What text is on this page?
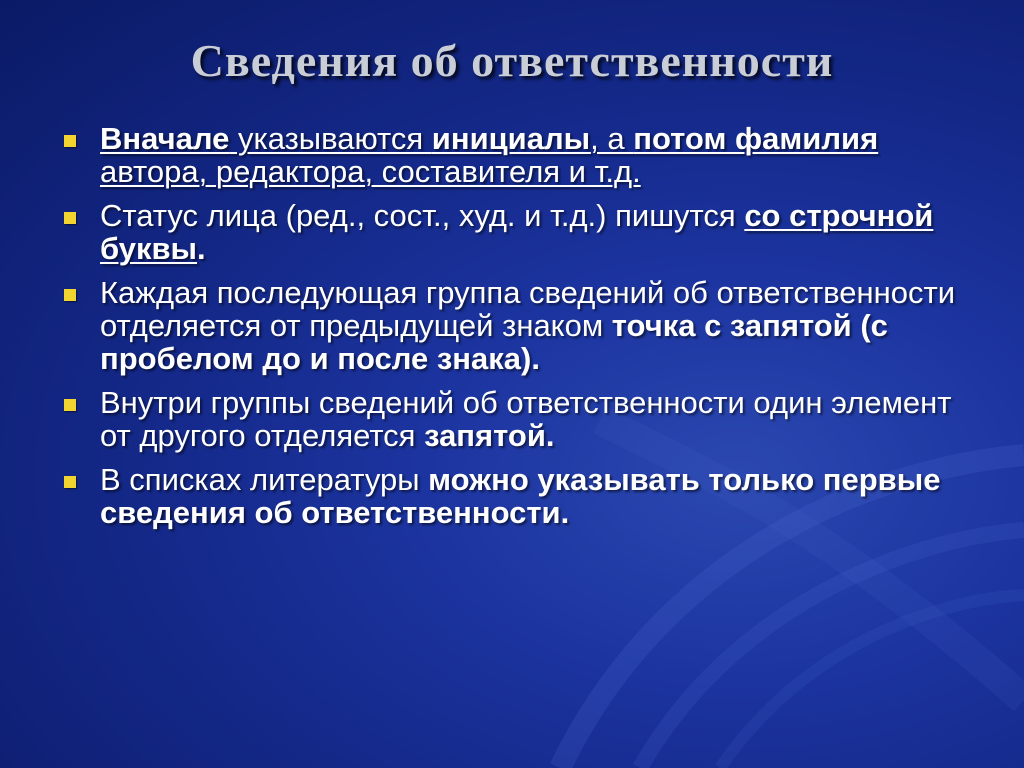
Сведения об ответственности
Вначале указываются инициалы, а потом фамилия автора, редактора, составителя и т.д.
Статус лица (ред., сост., худ. и т.д.) пишутся со строчной буквы.
Каждая последующая группа сведений об ответственности отделяется от предыдущей знаком точка с запятой (с пробелом до и после знака).
Внутри группы сведений об ответственности один элемент от другого отделяется запятой.
В списках литературы можно указывать только первые сведения об ответственности.
